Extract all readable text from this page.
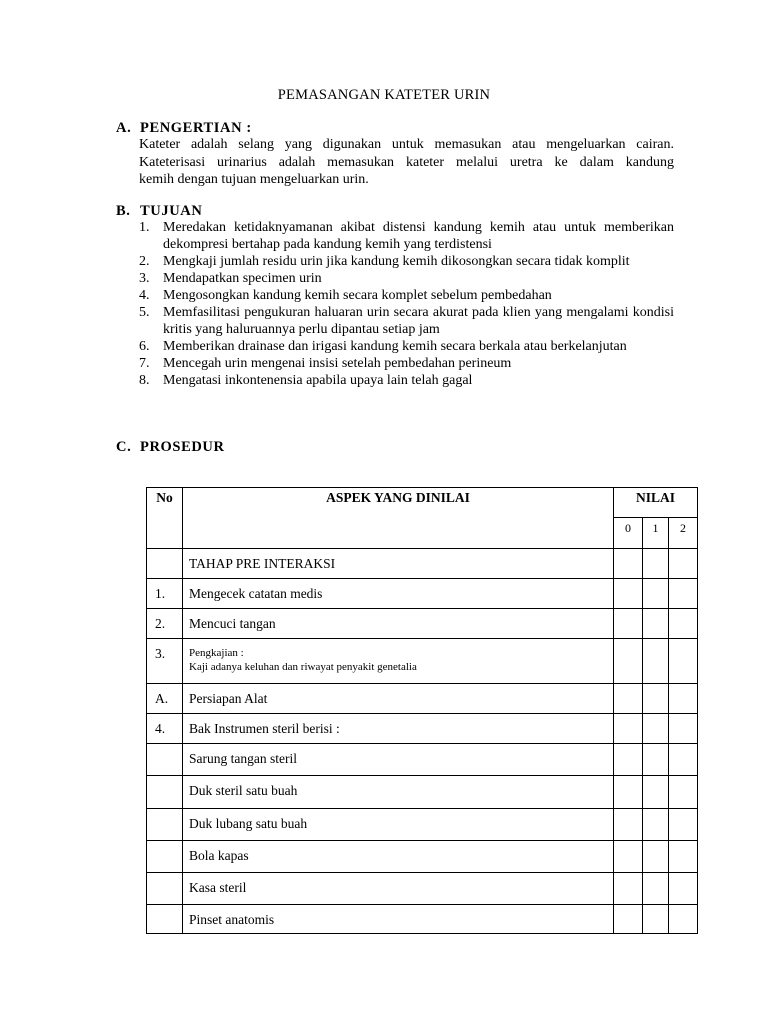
PEMASANGAN KATETER URIN
A. PENGERTIAN :
Kateter adalah selang yang digunakan untuk memasukan atau mengeluarkan cairan.
Kateterisasi urinarius adalah memasukan kateter melalui uretra ke dalam kandung
kemih dengan tujuan mengeluarkan urin.
B. TUJUAN
1. Meredakan ketidaknyamanan akibat distensi kandung kemih atau untuk memberikan dekompresi bertahap pada kandung kemih yang terdistensi
2. Mengkaji jumlah residu urin jika kandung kemih dikosongkan secara tidak komplit
3. Mendapatkan specimen urin
4. Mengosongkan kandung kemih secara komplet sebelum pembedahan
5. Memfasilitasi pengukuran haluaran urin secara akurat pada klien yang mengalami kondisi kritis yang haluruannya perlu dipantau setiap jam
6. Memberikan drainase dan irigasi kandung kemih secara berkala atau berkelanjutan
7. Mencegah urin mengenai insisi setelah pembedahan perineum
8. Mengatasi inkontenensia apabila upaya lain telah gagal
C. PROSEDUR
No	ASPEK YANG DINILAI	NILAI		
		0	1	2
	TAHAP PRE INTERAKSI			
1.	Mengecek catatan medis			
2.	Mencuci tangan			
3.	Pengkajian :
Kaji adanya keluhan dan riwayat penyakit genetalia			

A.	Persiapan Alat			
4.	Bak Instrumen steril berisi :			
	Sarung tangan steril			
	Duk steril satu buah			
	Duk lubang satu buah			
	Bola kapas			
	Kasa steril			
	Pinset anatomis			
